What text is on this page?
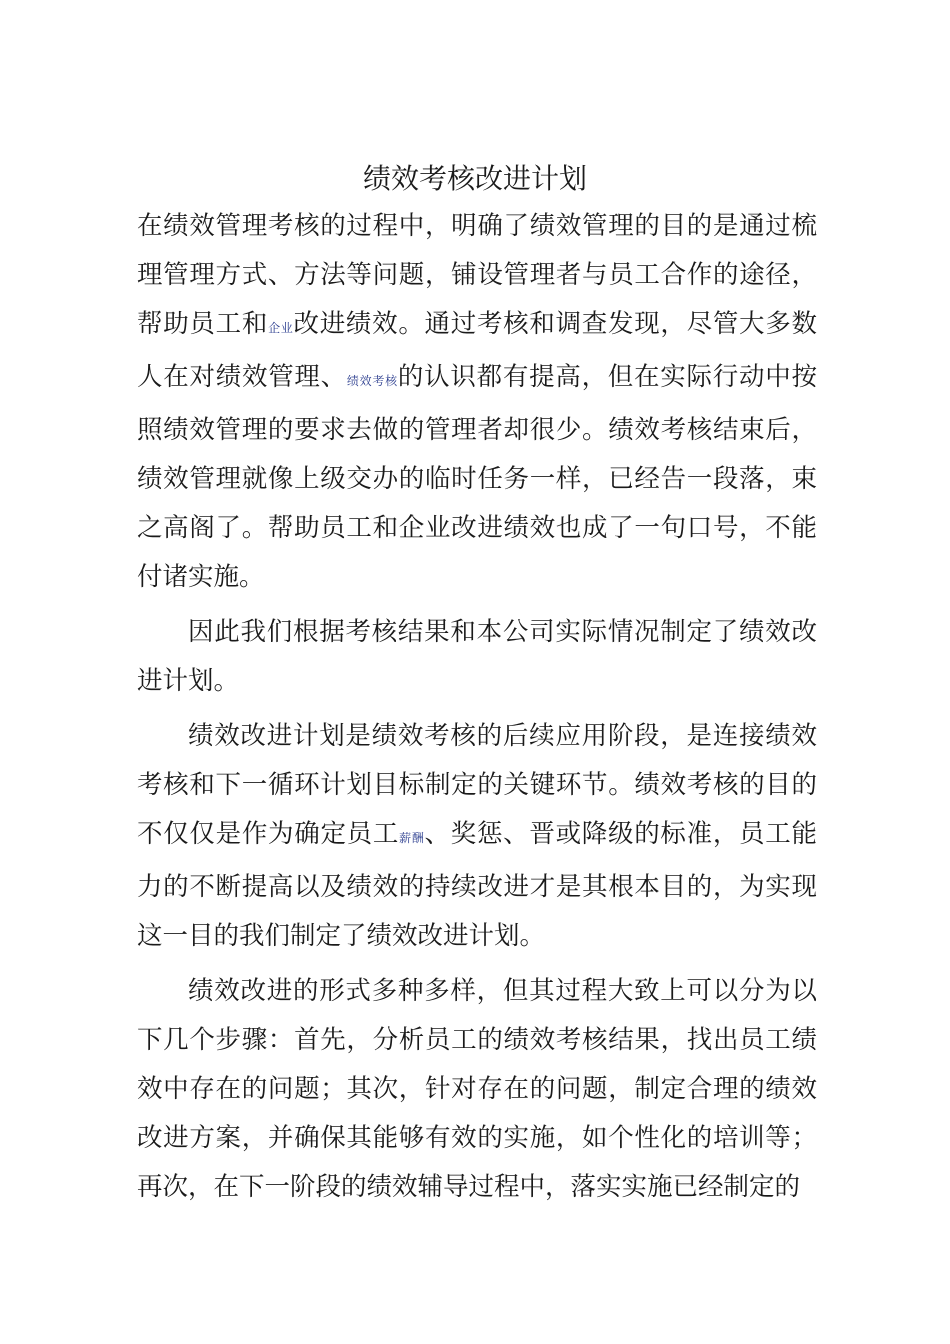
绩效考核改进计划

在绩效管理考核的过程中，明确了绩效管理的目的是通过梳理管理方式、方法等问题，铺设管理者与员工合作的途径，帮助员工和企业改进绩效。通过考核和调查发现，尽管大多数人在对绩效管理、绩效考核的认识都有提高，但在实际行动中按照绩效管理的要求去做的管理者却很少。绩效考核结束后，绩效管理就像上级交办的临时任务一样，已经告一段落，束之高阁了。帮助员工和企业改进绩效也成了一句口号，不能付诸实施。

因此我们根据考核结果和本公司实际情况制定了绩效改进计划。

绩效改进计划是绩效考核的后续应用阶段，是连接绩效考核和下一循环计划目标制定的关键环节。绩效考核的目的不仅仅是作为确定员工薪酬、奖惩、晋或降级的标准，员工能力的不断提高以及绩效的持续改进才是其根本目的，为实现这一目的我们制定了绩效改进计划。

绩效改进的形式多种多样，但其过程大致上可以分为以下几个步骤：首先，分析员工的绩效考核结果，找出员工绩效中存在的问题；其次，针对存在的问题，制定合理的绩效改进方案，并确保其能够有效的实施，如个性化的培训等；再次，在下一阶段的绩效辅导过程中，落实实施已经制定的
